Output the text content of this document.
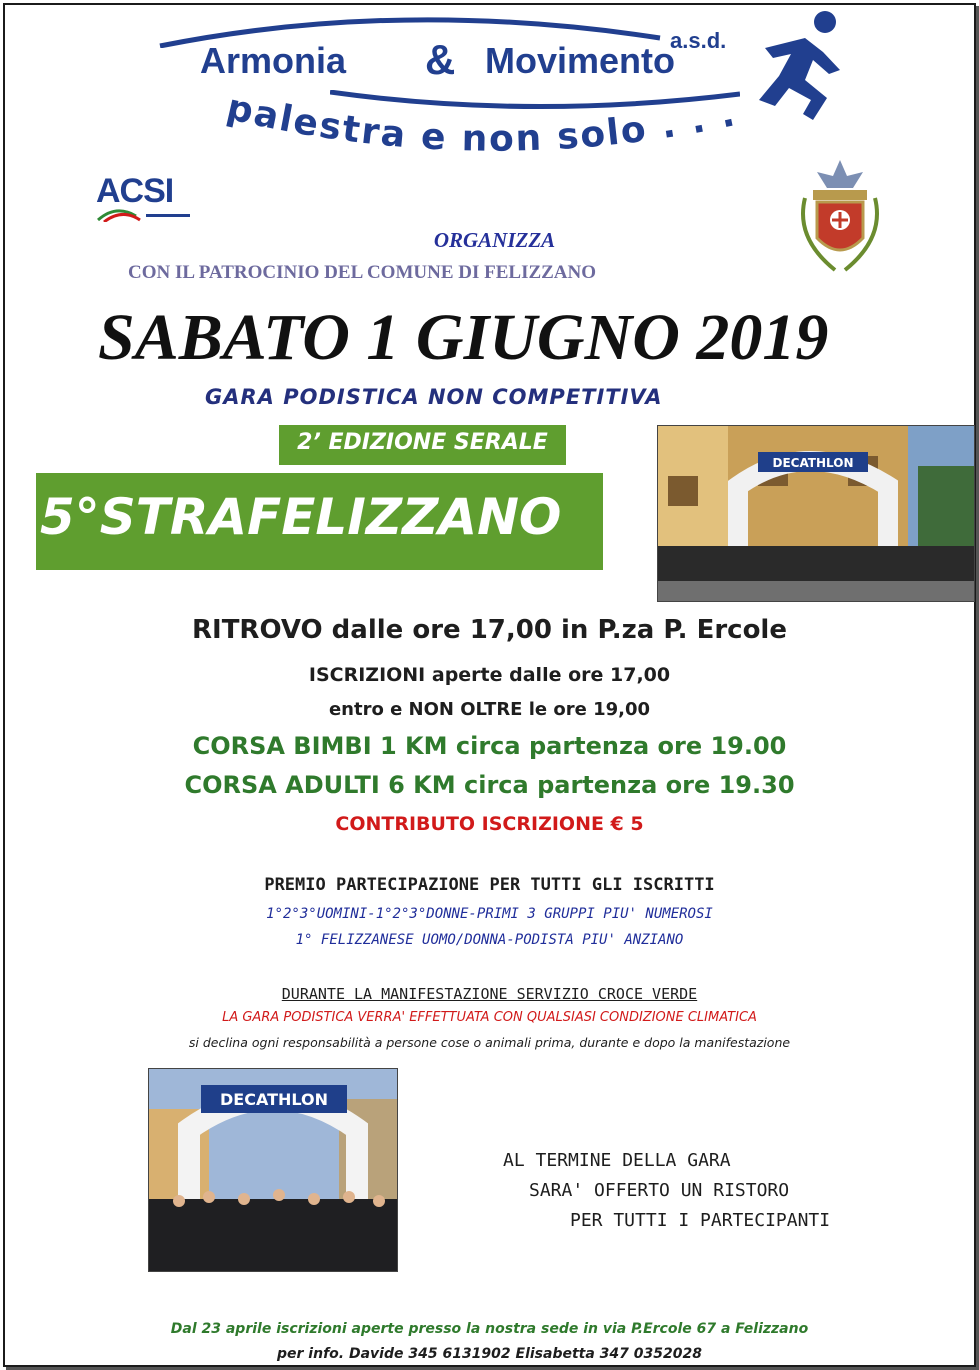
Armonia & Movimento
a.s.d.
palestra e non solo . . .
ACSI
ORGANIZZA
CON IL PATROCINIO DEL COMUNE DI FELIZZANO
SABATO 1 GIUGNO 2019
GARA PODISTICA NON COMPETITIVA
2’ EDIZIONE SERALE
5°STRAFELIZZANO
DECATHLON
RITROVO dalle ore 17,00 in P.za P. Ercole
ISCRIZIONI aperte dalle ore 17,00
entro e NON OLTRE le ore 19,00
CORSA BIMBI 1 KM circa partenza ore 19.00
CORSA ADULTI 6 KM circa partenza ore 19.30
CONTRIBUTO ISCRIZIONE € 5
PREMIO PARTECIPAZIONE PER TUTTI GLI ISCRITTI
1°2°3°UOMINI-1°2°3°DONNE-PRIMI 3 GRUPPI PIU' NUMEROSI
1° FELIZZANESE UOMO/DONNA-PODISTA PIU' ANZIANO
DURANTE LA MANIFESTAZIONE SERVIZIO CROCE VERDE
LA GARA PODISTICA VERRA' EFFETTUATA CON QUALSIASI CONDIZIONE CLIMATICA
si declina ogni responsabilità a persone cose o animali prima, durante e dopo la manifestazione
DECATHLON
AL TERMINE DELLA GARA
SARA' OFFERTO UN RISTORO
PER TUTTI I PARTECIPANTI
Dal 23 aprile iscrizioni aperte presso la nostra sede in via P.Ercole 67 a Felizzano
per info. Davide 345 6131902 Elisabetta 347 0352028
